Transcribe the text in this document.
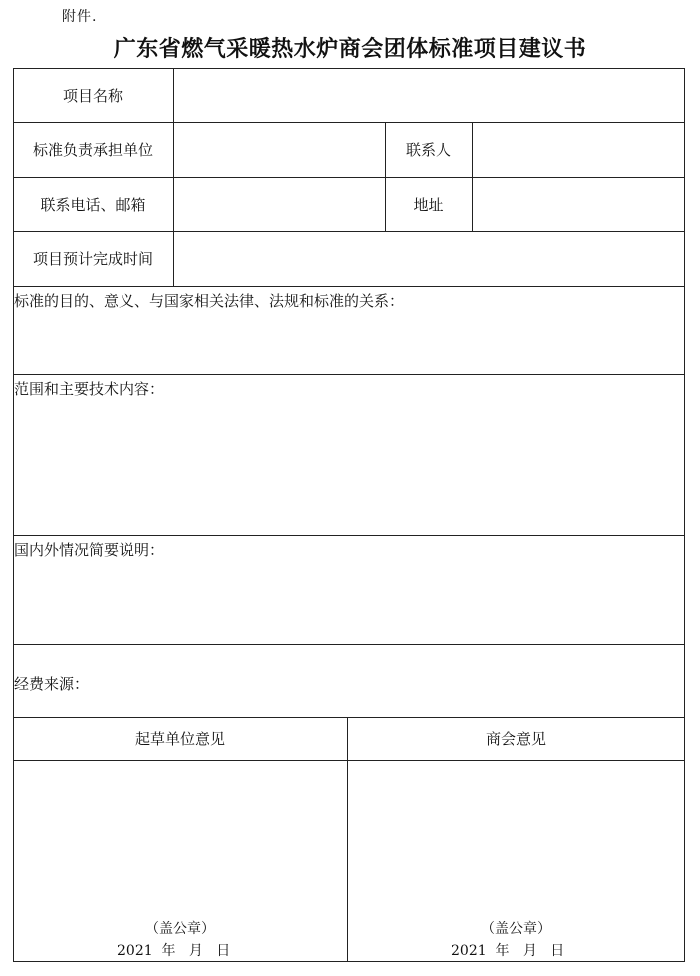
附件.
广东省燃气采暖热水炉商会团体标准项目建议书
项目名称
标准负责承担单位	联系人
联系电话、邮箱	地址
项目预计完成时间
标准的目的、意义、与国家相关法律、法规和标准的关系：
范围和主要技术内容：
国内外情况简要说明：
经费来源：
起草单位意见	商会意见
（盖公章）
2021  年   月   日
（盖公章）
2021  年   月   日
